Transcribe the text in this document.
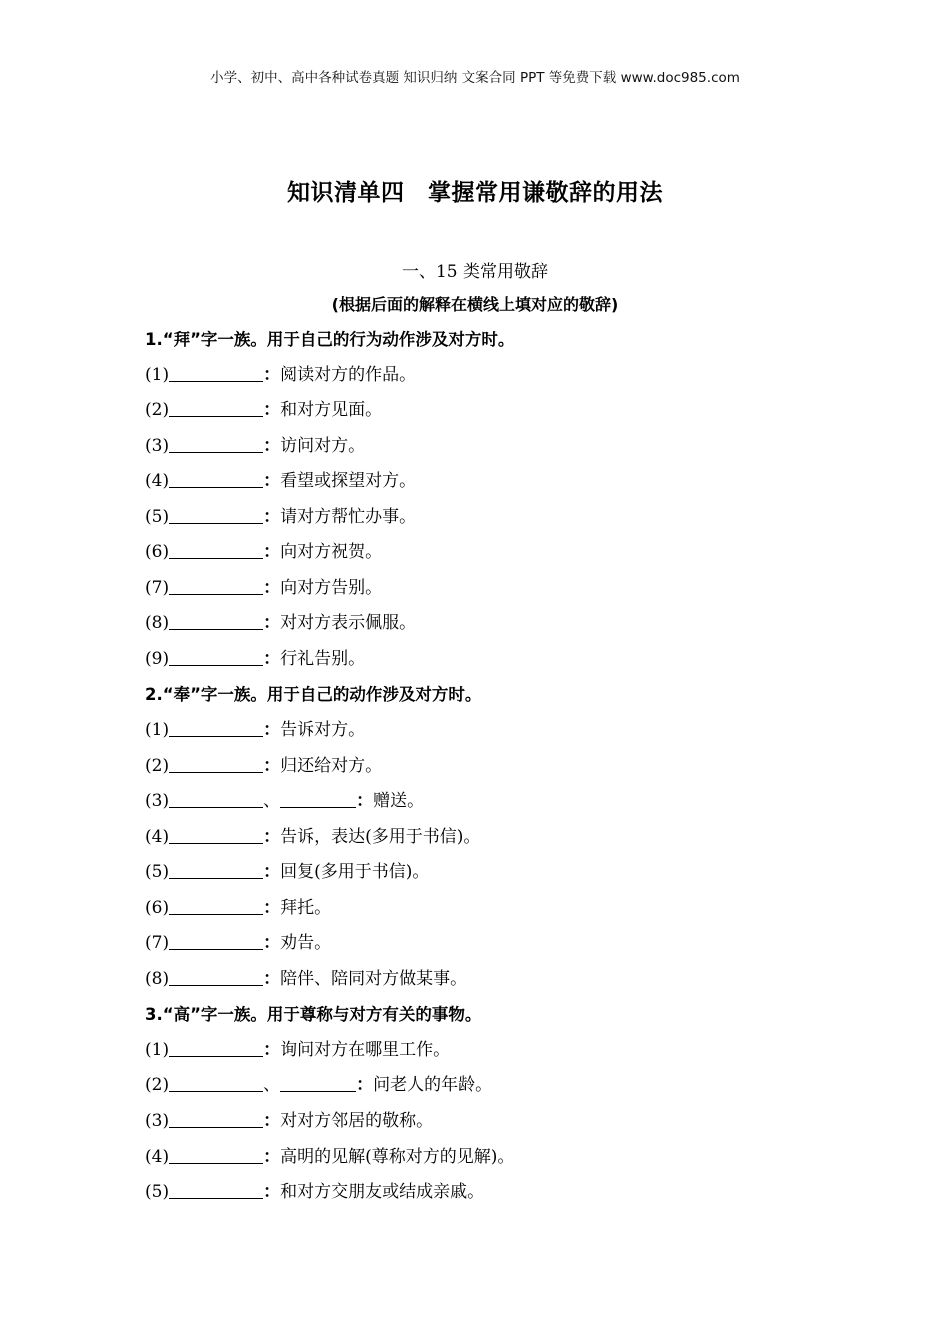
小学、初中、高中各种试卷真题 知识归纳 文案合同 PPT 等免费下载 www.doc985.com
知识清单四　掌握常用谦敬辞的用法
一、15 类常用敬辞
(根据后面的解释在横线上填对应的敬辞)
1.“拜”字一族。用于自己的行为动作涉及对方时。
(1)	：阅读对方的作品。
(2)	：和对方见面。
(3)	：访问对方。
(4)	：看望或探望对方。
(5)	：请对方帮忙办事。
(6)	：向对方祝贺。
(7)	：向对方告别。
(8)	：对对方表示佩服。
(9)	：行礼告别。
2.“奉”字一族。用于自己的动作涉及对方时。
(1)	：告诉对方。
(2)	：归还给对方。
(3)	、	：赠送。
(4)	：告诉，表达(多用于书信)。
(5)	：回复(多用于书信)。
(6)	：拜托。
(7)	：劝告。
(8)	：陪伴、陪同对方做某事。
3.“高”字一族。用于尊称与对方有关的事物。
(1)	：询问对方在哪里工作。
(2)	、	：问老人的年龄。
(3)	：对对方邻居的敬称。
(4)	：高明的见解(尊称对方的见解)。
(5)	：和对方交朋友或结成亲戚。
